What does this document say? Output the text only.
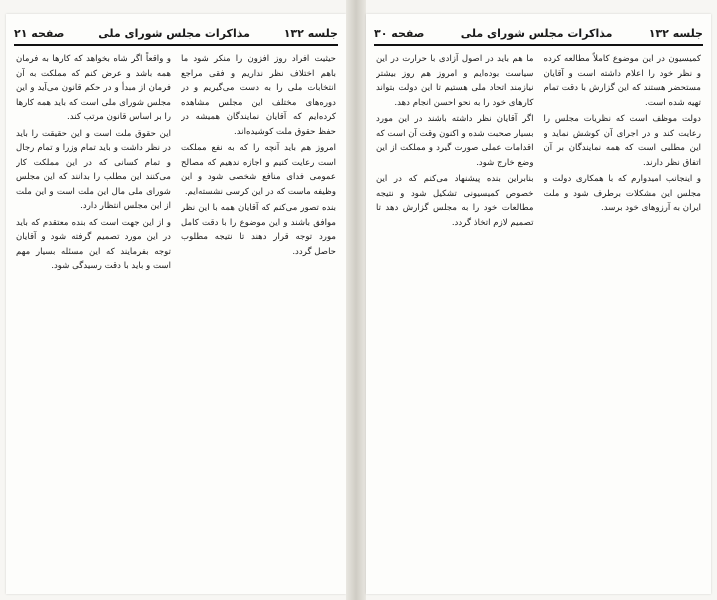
جلسه ۱۳۲
مذاکرات مجلس شورای ملی
صفحه ۲۱

حیثیت افراد روز افزون را منکر شود ما باهم اختلاف نظر نداریم و فقی مراجع انتخابات ملی را به دست می‌گیریم و در دوره‌های مختلف این مجلس مشاهده کرده‌ایم که آقایان نمایندگان همیشه در حفظ حقوق ملت کوشیده‌اند.

امروز هم باید آنچه را که به نفع مملکت است رعایت کنیم و اجازه ندهیم که مصالح عمومی فدای منافع شخصی شود و این وظیفه ماست که در این کرسی نشسته‌ایم.

بنده تصور می‌کنم که آقایان همه با این نظر موافق باشند و این موضوع را با دقت کامل مورد توجه قرار دهند تا نتیجه مطلوب حاصل گردد.

و واقعاً اگر شاه بخواهد که کارها به فرمان همه باشد و عرض کنم که مملکت به آن فرمان از مبدأ و در حکم قانون می‌آید و این مجلس شورای ملی است که باید همه کارها را بر اساس قانون مرتب کند.

این حقوق ملت است و این حقیقت را باید در نظر داشت و باید تمام وزرا و تمام رجال و تمام کسانی که در این مملکت کار می‌کنند این مطلب را بدانند که این مجلس شورای ملی مال این ملت است و این ملت از این مجلس انتظار دارد.

و از این جهت است که بنده معتقدم که باید در این مورد تصمیم گرفته شود و آقایان توجه بفرمایند که این مسئله بسیار مهم است و باید با دقت رسیدگی شود.

جلسه ۱۳۲
مذاکرات مجلس شورای ملی
صفحه ۳۰

کمیسیون در این موضوع کاملاً مطالعه کرده و نظر خود را اعلام داشته است و آقایان مستحضر هستند که این گزارش با دقت تمام تهیه شده است.

دولت موظف است که نظریات مجلس را رعایت کند و در اجرای آن کوشش نماید و این مطلبی است که همه نمایندگان بر آن اتفاق نظر دارند.

و اینجانب امیدوارم که با همکاری دولت و مجلس این مشکلات برطرف شود و ملت ایران به آرزوهای خود برسد.

ما هم باید در اصول آزادی با حرارت در این سیاست بوده‌ایم و امروز هم روز بیشتر نیازمند اتحاد ملی هستیم تا این دولت بتواند کارهای خود را به نحو احسن انجام دهد.

اگر آقایان نظر داشته باشند در این مورد بسیار صحبت شده و اکنون وقت آن است که اقدامات عملی صورت گیرد و مملکت از این وضع خارج شود.

بنابراین بنده پیشنهاد می‌کنم که در این خصوص کمیسیونی تشکیل شود و نتیجه مطالعات خود را به مجلس گزارش دهد تا تصمیم لازم اتخاذ گردد.
